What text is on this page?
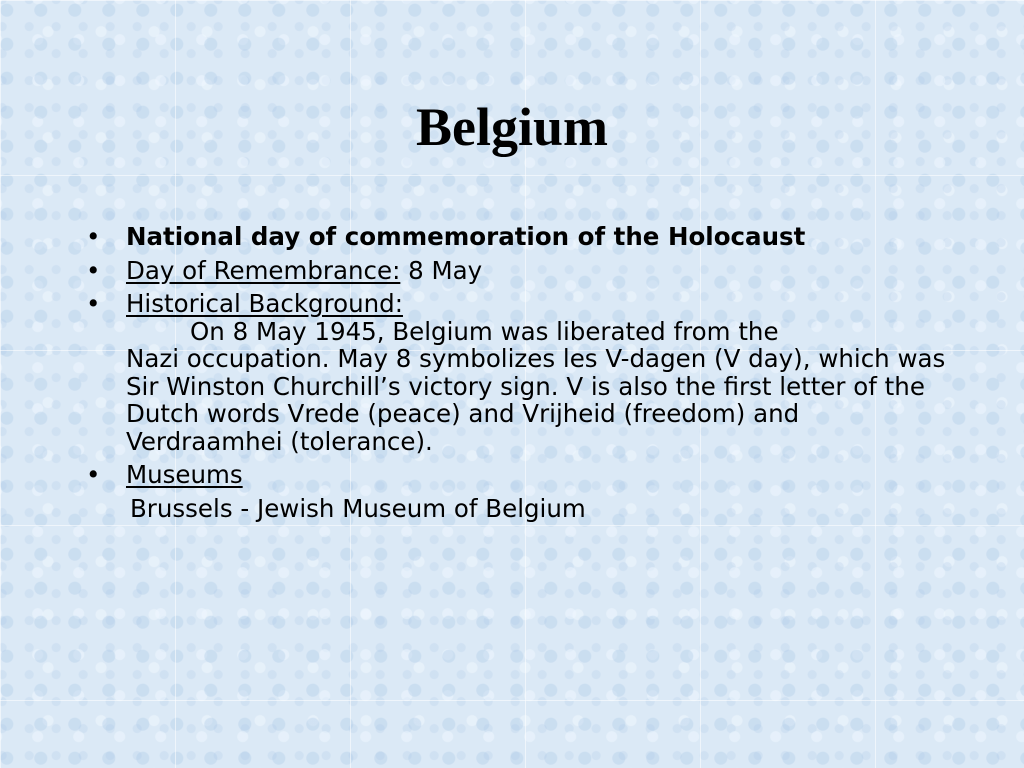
Belgium
• National day of commemoration of the Holocaust
• Day of Remembrance: 8 May
• Historical Background:
On 8 May 1945, Belgium was liberated from the
Nazi occupation. May 8 symbolizes les V-dagen (V day), which was Sir Winston Churchill’s victory sign. V is also the first letter of the Dutch words Vrede (peace) and Vrijheid (freedom) and Verdraamhei (tolerance).
• Museums
Brussels - Jewish Museum of Belgium
